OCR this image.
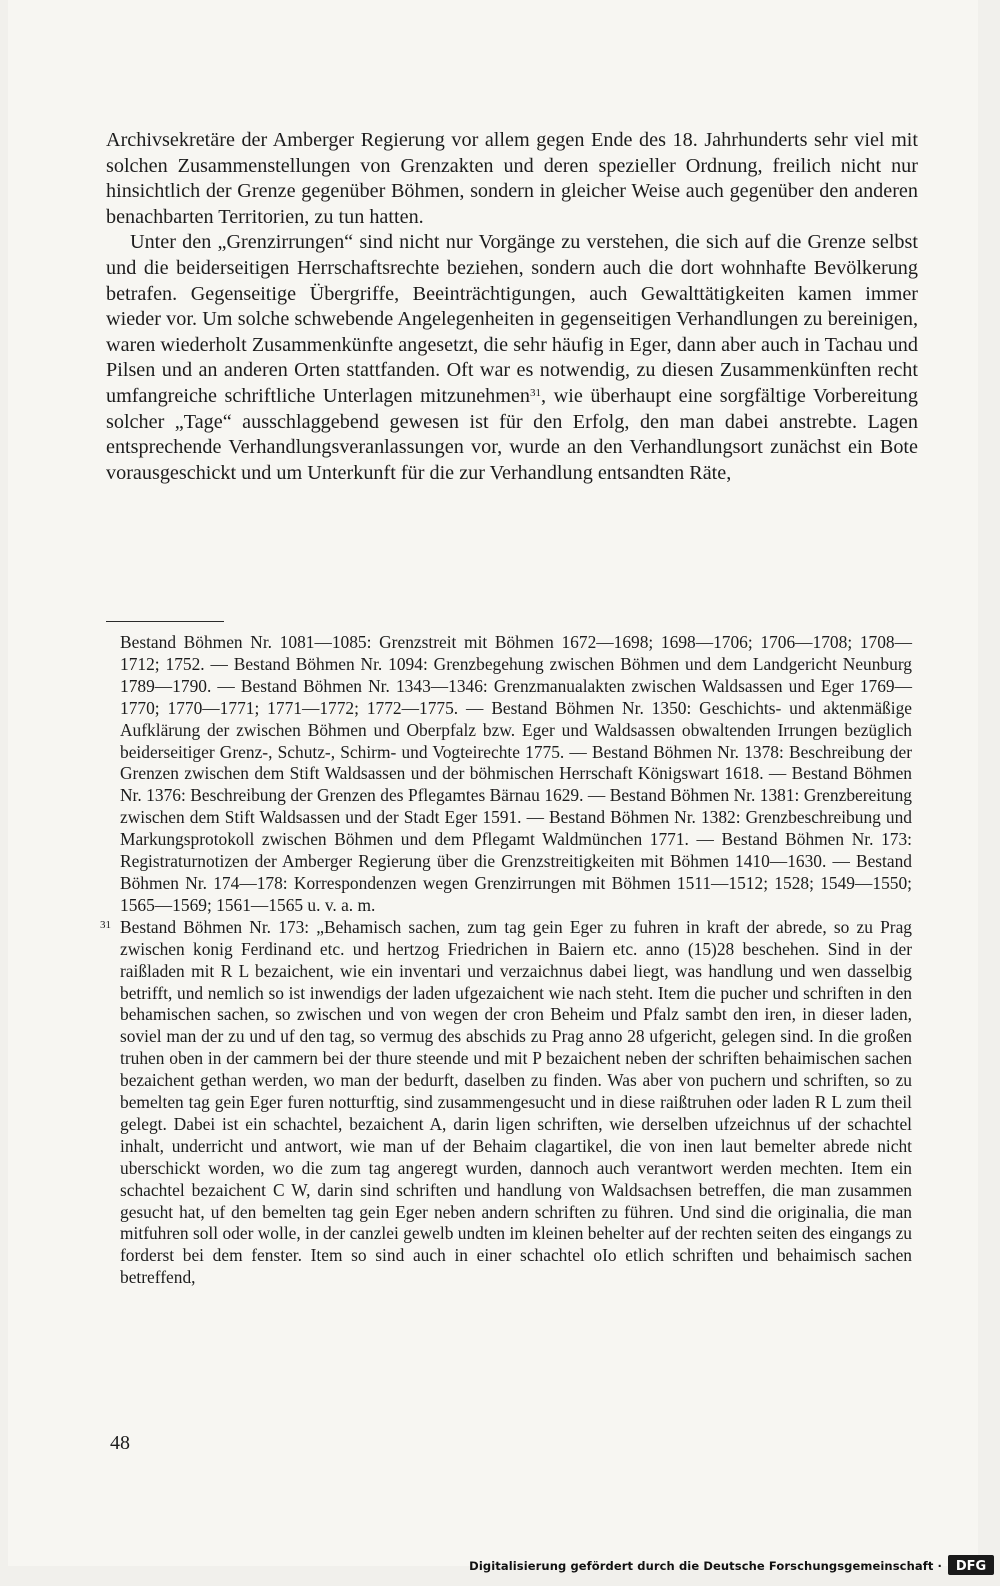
Archivsekretäre der Amberger Regierung vor allem gegen Ende des 18. Jahrhunderts sehr viel mit solchen Zusammenstellungen von Grenzakten und deren spezieller Ordnung, freilich nicht nur hinsichtlich der Grenze gegenüber Böhmen, sondern in gleicher Weise auch gegenüber den anderen benachbarten Territorien, zu tun hatten.

Unter den „Grenzirrungen“ sind nicht nur Vorgänge zu verstehen, die sich auf die Grenze selbst und die beiderseitigen Herrschaftsrechte beziehen, sondern auch die dort wohnhafte Bevölkerung betrafen. Gegenseitige Übergriffe, Beeinträchtigungen, auch Gewalttätigkeiten kamen immer wieder vor. Um solche schwebende Angelegenheiten in gegenseitigen Verhandlungen zu bereinigen, waren wiederholt Zusammenkünfte angesetzt, die sehr häufig in Eger, dann aber auch in Tachau und Pilsen und an anderen Orten stattfanden. Oft war es notwendig, zu diesen Zusammenkünften recht umfangreiche schriftliche Unterlagen mitzunehmen$^{31}$, wie überhaupt eine sorgfältige Vorbereitung solcher „Tage“ ausschlaggebend gewesen ist für den Erfolg, den man dabei anstrebte. Lagen entsprechende Verhandlungsveranlassungen vor, wurde an den Verhandlungsort zunächst ein Bote vorausgeschickt und um Unterkunft für die zur Verhandlung entsandten Räte,

Bestand Böhmen Nr. 1081—1085: Grenzstreit mit Böhmen 1672—1698; 1698—1706; 1706—1708; 1708—1712; 1752. — Bestand Böhmen Nr. 1094: Grenzbegehung zwischen Böhmen und dem Landgericht Neunburg 1789—1790. — Bestand Böhmen Nr. 1343—1346: Grenzmanualakten zwischen Waldsassen und Eger 1769—1770; 1770—1771; 1771—1772; 1772—1775. — Bestand Böhmen Nr. 1350: Geschichts- und aktenmäßige Aufklärung der zwischen Böhmen und Oberpfalz bzw. Eger und Waldsassen obwaltenden Irrungen bezüglich beiderseitiger Grenz-, Schutz-, Schirm- und Vogteirechte 1775. — Bestand Böhmen Nr. 1378: Beschreibung der Grenzen zwischen dem Stift Waldsassen und der böhmischen Herrschaft Königswart 1618. — Bestand Böhmen Nr. 1376: Beschreibung der Grenzen des Pflegamtes Bärnau 1629. — Bestand Böhmen Nr. 1381: Grenzbereitung zwischen dem Stift Waldsassen und der Stadt Eger 1591. — Bestand Böhmen Nr. 1382: Grenzbeschreibung und Markungsprotokoll zwischen Böhmen und dem Pflegamt Waldmünchen 1771. — Bestand Böhmen Nr. 173: Registraturnotizen der Amberger Regierung über die Grenzstreitigkeiten mit Böhmen 1410—1630. — Bestand Böhmen Nr. 174—178: Korrespondenzen wegen Grenzirrungen mit Böhmen 1511—1512; 1528; 1549—1550; 1565—1569; 1561—1565 u. v. a. m.

31 Bestand Böhmen Nr. 173: „Behamisch sachen, zum tag gein Eger zu fuhren in kraft der abrede, so zu Prag zwischen konig Ferdinand etc. und hertzog Friedrichen in Baiern etc. anno (15)28 beschehen. Sind in der raißladen mit R L bezaichent, wie ein inventari und verzaichnus dabei liegt, was handlung und wen dasselbig betrifft, und nemlich so ist inwendigs der laden ufgezaichent wie nach steht. Item die pucher und schriften in den behamischen sachen, so zwischen und von wegen der cron Beheim und Pfalz sambt den iren, in dieser laden, soviel man der zu und uf den tag, so vermug des abschids zu Prag anno 28 ufgericht, gelegen sind. In die großen truhen oben in der cammern bei der thure steende und mit P bezaichent neben der schriften behaimischen sachen bezaichent gethan werden, wo man der bedurft, daselben zu finden. Was aber von puchern und schriften, so zu bemelten tag gein Eger furen notturftig, sind zusammengesucht und in diese raißtruhen oder laden R L zum theil gelegt. Dabei ist ein schachtel, bezaichent A, darin ligen schriften, wie derselben ufzeichnus uf der schachtel inhalt, underricht und antwort, wie man uf der Behaim clagartikel, die von inen laut bemelter abrede nicht uberschickt worden, wo die zum tag angeregt wurden, dannoch auch verantwort werden mechten. Item ein schachtel bezaichent C W, darin sind schriften und handlung von Waldsachsen betreffen, die man zusammen gesucht hat, uf den bemelten tag gein Eger neben andern schriften zu führen. Und sind die originalia, die man mitfuhren soll oder wolle, in der canzlei gewelb undten im kleinen behelter auf der rechten seiten des eingangs zu forderst bei dem fenster. Item so sind auch in einer schachtel oIo etlich schriften und behaimisch sachen betreffend,

48
Digitalisierung gefördert durch die Deutsche Forschungsgemeinschaft · DFG
